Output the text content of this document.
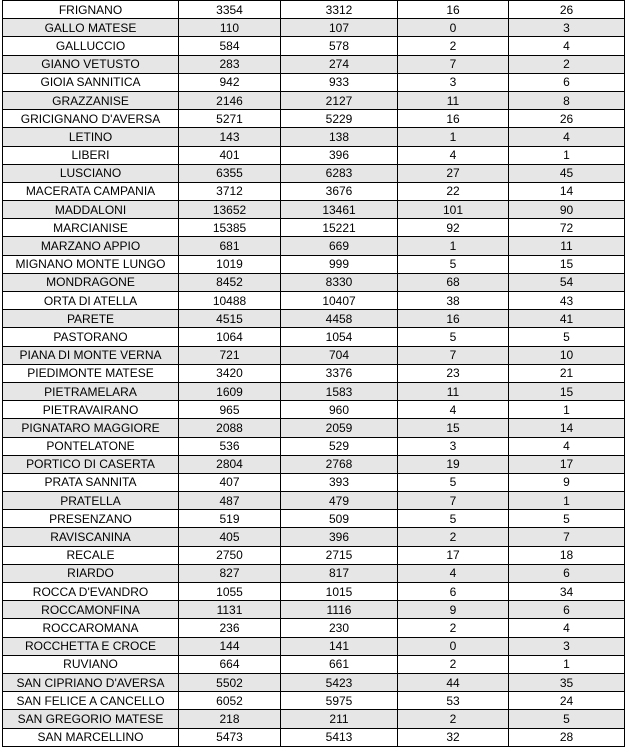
FRIGNANO	3354	3312	16	26
GALLO MATESE	110	107	0	3
GALLUCCIO	584	578	2	4
GIANO VETUSTO	283	274	7	2
GIOIA SANNITICA	942	933	3	6
GRAZZANISE	2146	2127	11	8
GRICIGNANO D'AVERSA	5271	5229	16	26
LETINO	143	138	1	4
LIBERI	401	396	4	1
LUSCIANO	6355	6283	27	45
MACERATA CAMPANIA	3712	3676	22	14
MADDALONI	13652	13461	101	90
MARCIANISE	15385	15221	92	72
MARZANO APPIO	681	669	1	11
MIGNANO MONTE LUNGO	1019	999	5	15
MONDRAGONE	8452	8330	68	54
ORTA DI ATELLA	10488	10407	38	43
PARETE	4515	4458	16	41
PASTORANO	1064	1054	5	5
PIANA DI MONTE VERNA	721	704	7	10
PIEDIMONTE MATESE	3420	3376	23	21
PIETRAMELARA	1609	1583	11	15
PIETRAVAIRANO	965	960	4	1
PIGNATARO MAGGIORE	2088	2059	15	14
PONTELATONE	536	529	3	4
PORTICO DI CASERTA	2804	2768	19	17
PRATA SANNITA	407	393	5	9
PRATELLA	487	479	7	1
PRESENZANO	519	509	5	5
RAVISCANINA	405	396	2	7
RECALE	2750	2715	17	18
RIARDO	827	817	4	6
ROCCA D'EVANDRO	1055	1015	6	34
ROCCAMONFINA	1131	1116	9	6
ROCCAROMANA	236	230	2	4
ROCCHETTA E CROCE	144	141	0	3
RUVIANO	664	661	2	1
SAN CIPRIANO D'AVERSA	5502	5423	44	35
SAN FELICE A CANCELLO	6052	5975	53	24
SAN GREGORIO MATESE	218	211	2	5
SAN MARCELLINO	5473	5413	32	28
